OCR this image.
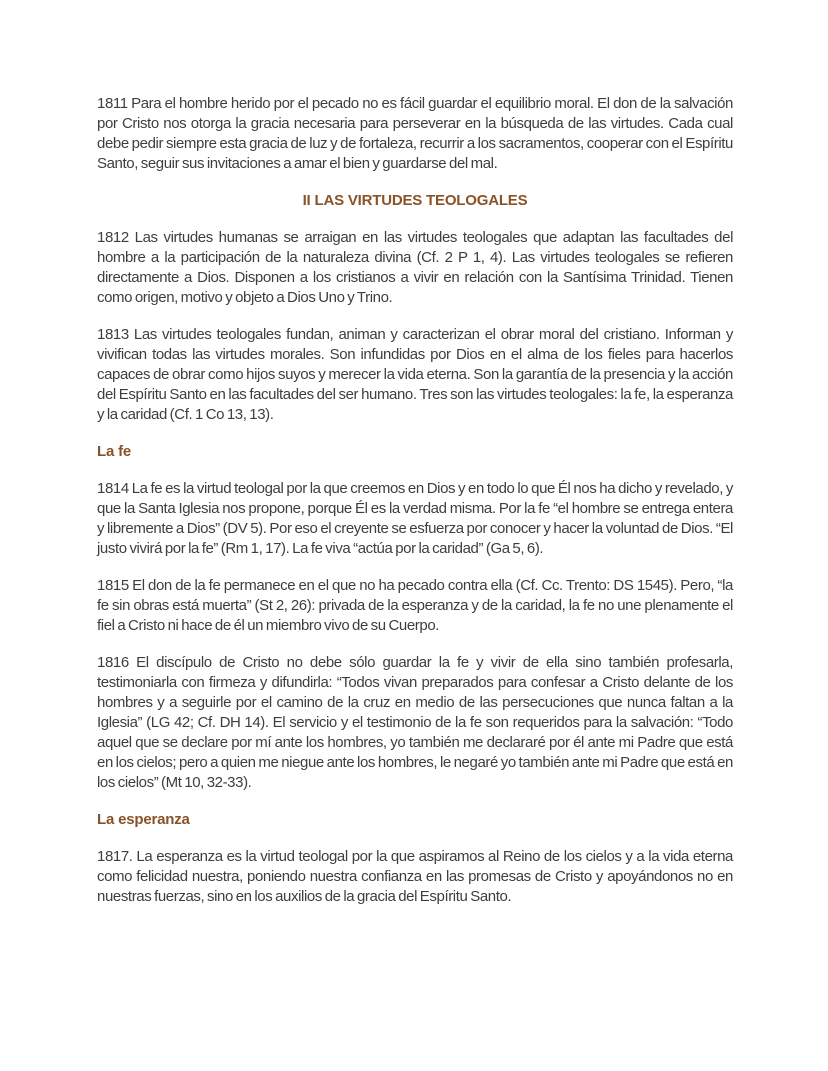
1811 Para el hombre herido por el pecado no es fácil guardar el equilibrio moral. El don de la salvación por Cristo nos otorga la gracia necesaria para perseverar en la búsqueda de las virtudes. Cada cual debe pedir siempre esta gracia de luz y de fortaleza, recurrir a los sacramentos, cooperar con el Espíritu Santo, seguir sus invitaciones a amar el bien y guardarse del mal.

II LAS VIRTUDES TEOLOGALES

1812 Las virtudes humanas se arraigan en las virtudes teologales que adaptan las facultades del hombre a la participación de la naturaleza divina (Cf. 2 P 1, 4). Las virtudes teologales se refieren directamente a Dios. Disponen a los cristianos a vivir en relación con la Santísima Trinidad. Tienen como origen, motivo y objeto a Dios Uno y Trino.

1813 Las virtudes teologales fundan, animan y caracterizan el obrar moral del cristiano. Informan y vivifican todas las virtudes morales. Son infundidas por Dios en el alma de los fieles para hacerlos capaces de obrar como hijos suyos y merecer la vida eterna. Son la garantía de la presencia y la acción del Espíritu Santo en las facultades del ser humano. Tres son las virtudes teologales: la fe, la esperanza y la caridad (Cf. 1 Co 13, 13).

La fe

1814 La fe es la virtud teologal por la que creemos en Dios y en todo lo que Él nos ha dicho y revelado, y que la Santa Iglesia nos propone, porque Él es la verdad misma. Por la fe “el hombre se entrega entera y libremente a Dios” (DV 5). Por eso el creyente se esfuerza por conocer y hacer la voluntad de Dios. “El justo vivirá por la fe” (Rm 1, 17). La fe viva “actúa por la caridad” (Ga 5, 6).

1815 El don de la fe permanece en el que no ha pecado contra ella (Cf. Cc. Trento: DS 1545). Pero, “la fe sin obras está muerta” (St 2, 26): privada de la esperanza y de la caridad, la fe no une plenamente el fiel a Cristo ni hace de él un miembro vivo de su Cuerpo.

1816 El discípulo de Cristo no debe sólo guardar la fe y vivir de ella sino también profesarla, testimoniarla con firmeza y difundirla: “Todos vivan preparados para confesar a Cristo delante de los hombres y a seguirle por el camino de la cruz en medio de las persecuciones que nunca faltan a la Iglesia” (LG 42; Cf. DH 14). El servicio y el testimonio de la fe son requeridos para la salvación: “Todo aquel que se declare por mí ante los hombres, yo también me declararé por él ante mi Padre que está en los cielos; pero a quien me niegue ante los hombres, le negaré yo también ante mi Padre que está en los cielos” (Mt 10, 32-33).

La esperanza

1817. La esperanza es la virtud teologal por la que aspiramos al Reino de los cielos y a la vida eterna como felicidad nuestra, poniendo nuestra confianza en las promesas de Cristo y apoyándonos no en nuestras fuerzas, sino en los auxilios de la gracia del Espíritu Santo.
